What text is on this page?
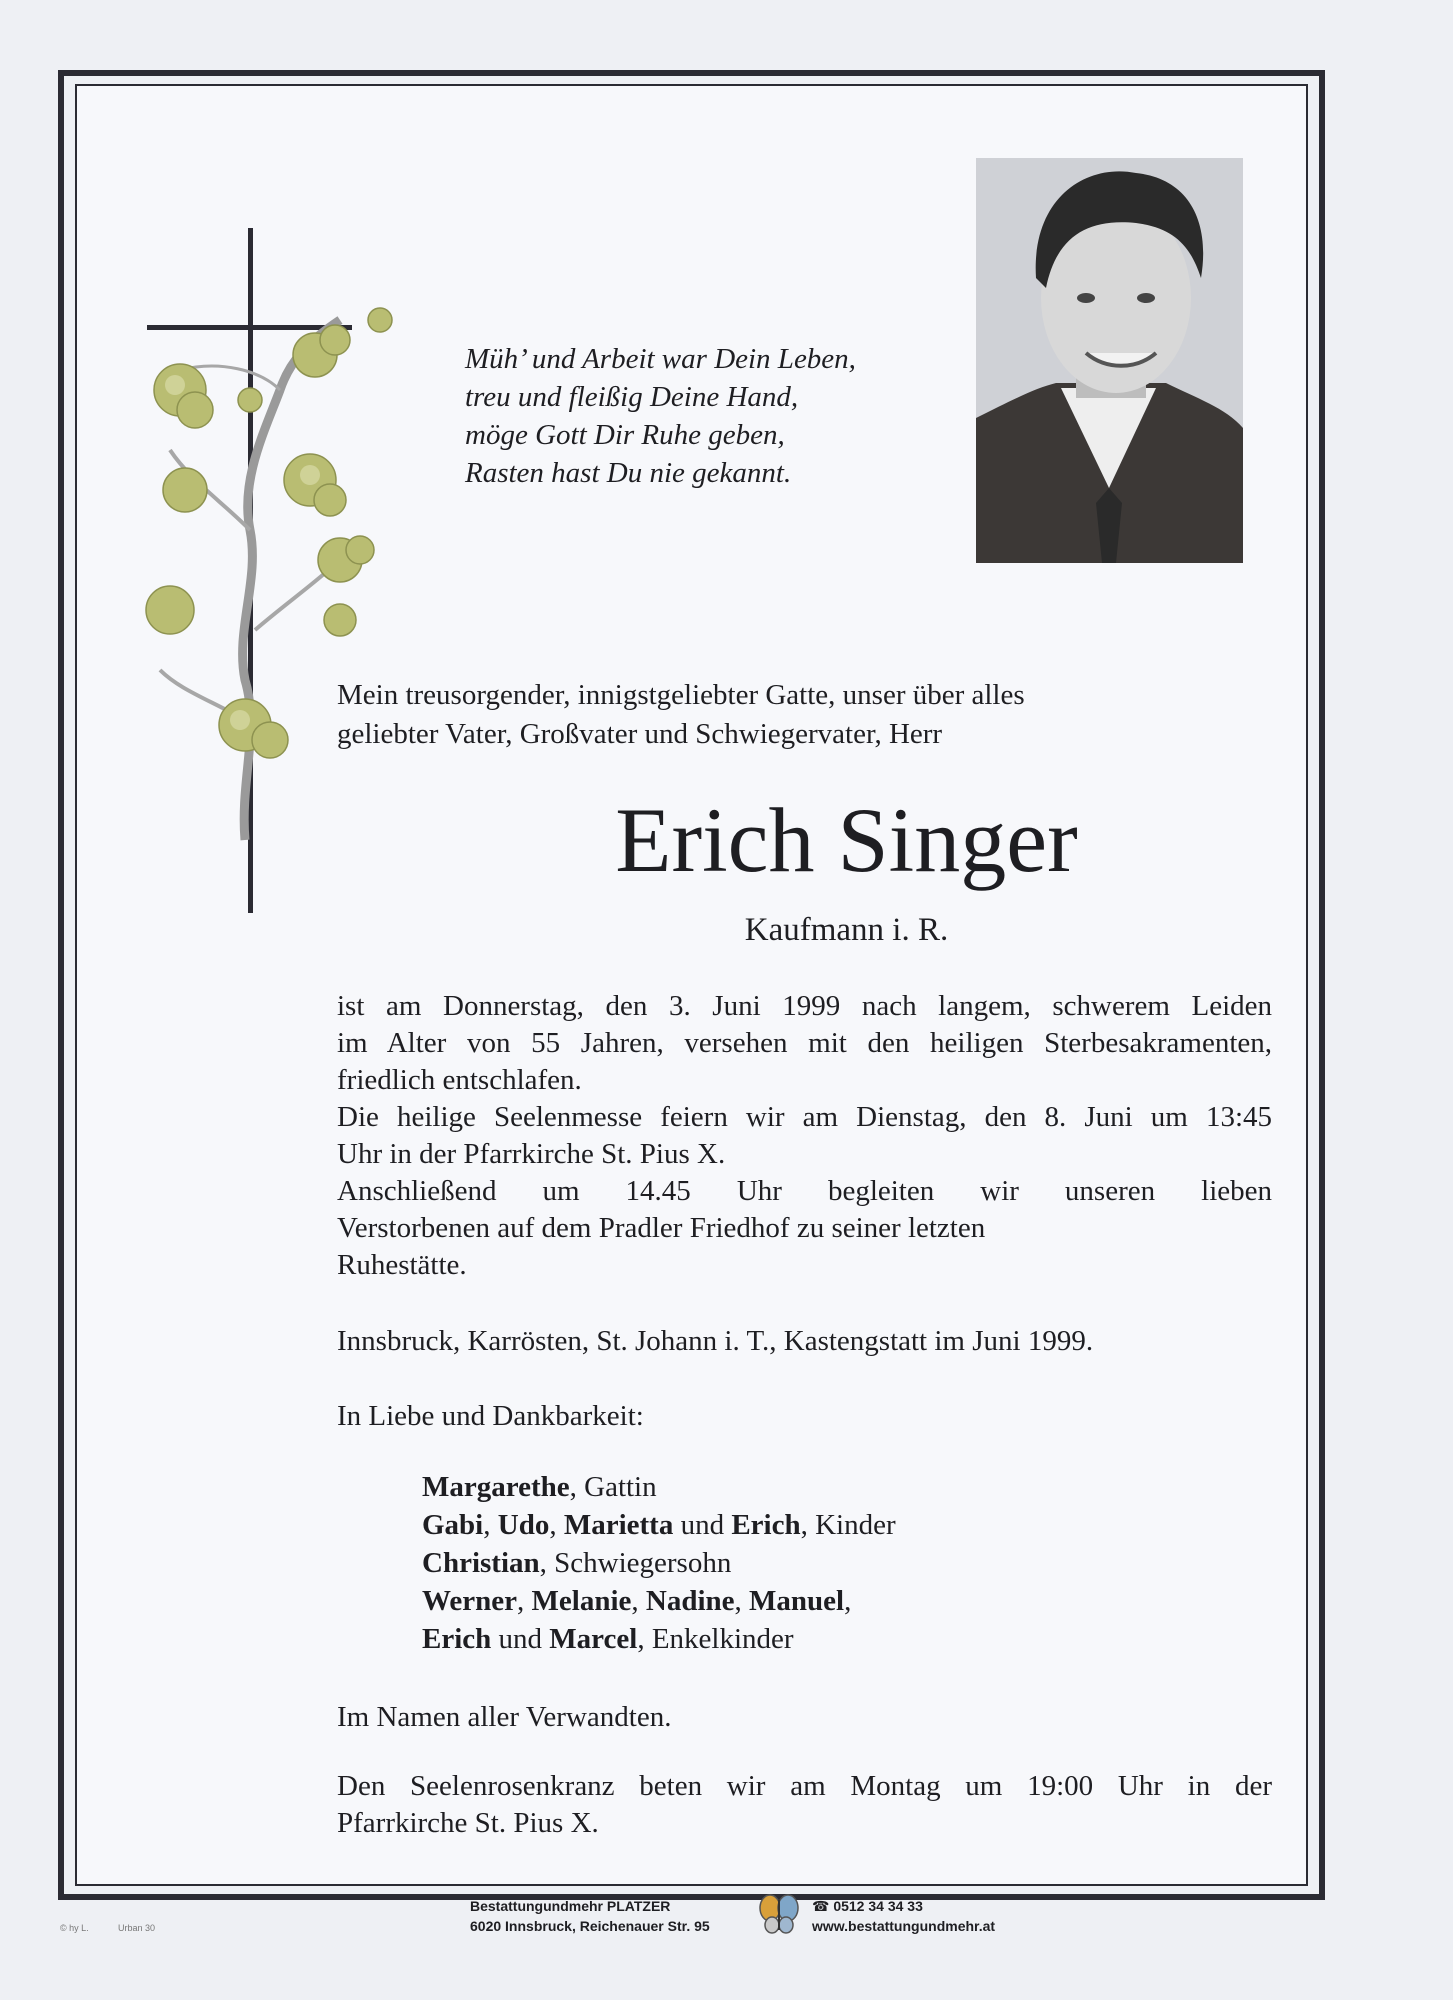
Müh’ und Arbeit war Dein Leben,
treu und fleißig Deine Hand,
möge Gott Dir Ruhe geben,
Rasten hast Du nie gekannt.
Mein treusorgender, innigstgeliebter Gatte, unser über alles
geliebter Vater, Großvater und Schwiegervater, Herr
Erich Singer
Kaufmann i. R.
ist am Donnerstag, den 3. Juni 1999 nach langem, schwerem Leiden
im Alter von 55 Jahren, versehen mit den heiligen Sterbesakramenten,
friedlich entschlafen.
Die heilige Seelenmesse feiern wir am Dienstag, den 8. Juni um 13:45
Uhr in der Pfarrkirche St. Pius X.
Anschließend um 14.45 Uhr begleiten wir unseren lieben
Verstorbenen auf dem Pradler Friedhof zu seiner letzten
Ruhestätte.
Innsbruck, Karrösten, St. Johann i. T., Kastengstatt im Juni 1999.
In Liebe und Dankbarkeit:
Margarethe, Gattin
Gabi, Udo, Marietta und Erich, Kinder
Christian, Schwiegersohn
Werner, Melanie, Nadine, Manuel,
Erich und Marcel, Enkelkinder
Im Namen aller Verwandten.
Den Seelenrosenkranz beten wir am Montag um 19:00 Uhr in der
Pfarrkirche St. Pius X.
© hy L.	Urban 30
Bestattungundmehr PLATZER
6020 Innsbruck, Reichenauer Str. 95
☎ 0512 34 34 33
www.bestattungundmehr.at
